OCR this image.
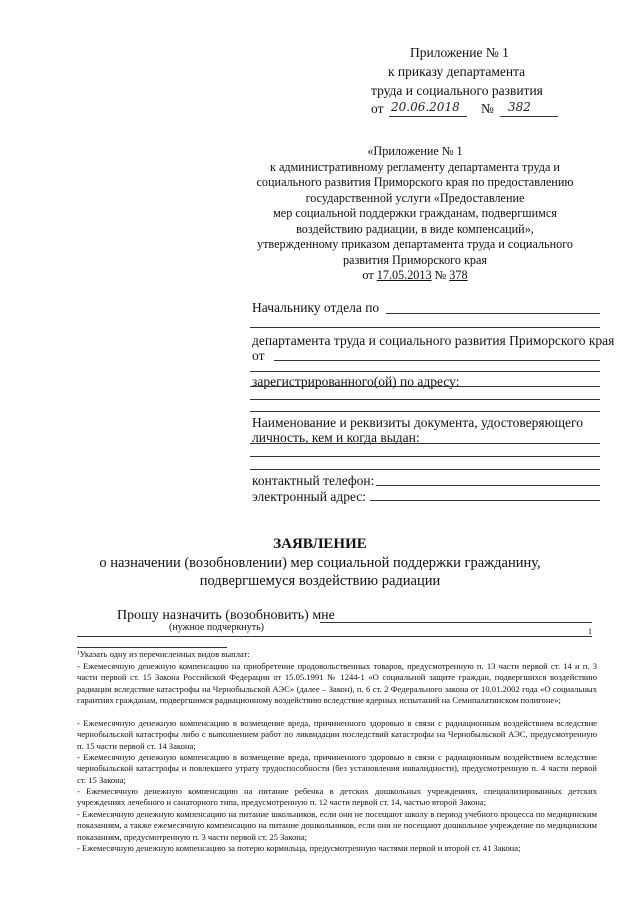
Приложение № 1
к приказу департамента
труда и социального развития
от 20.06.2018 № 382
«Приложение № 1
к административному регламенту департамента труда и
социального развития Приморского края по предоставлению
государственной услуги «Предоставление
мер социальной поддержки гражданам, подвергшимся
воздействию радиации, в виде компенсаций»,
утвержденному приказом департамента труда и социального
развития Приморского края
от 17.05.2013 № 378
Начальнику отдела по
департамента труда и социального развития Приморского края
от
зарегистрированного(ой) по адресу:
Наименование и реквизиты документа, удостоверяющего
личность, кем и когда выдан:
контактный телефон:
электронный адрес:
ЗАЯВЛЕНИЕ
о назначении (возобновлении) мер социальной поддержки гражданину,
подвергшемуся воздействию радиации
Прошу назначить (возобновить) мне
(нужное подчеркнуть)	1
¹Указать одну из перечисленных видов выплат:
- Ежемесячную денежную компенсацию на приобретение продовольственных товаров, предусмотренную п. 13 части первой ст. 14 и п. 3 части первой ст. 15 Закона Российской Федерации от 15.05.1991 № 1244-1 «О социальной защите граждан, подвергшихся воздействию радиации вследствие катастрофы на Чернобыльской АЭС» (далее – Закон), п. 6 ст. 2 Федерального закона от 10.01.2002 года «О социальных гарантиях гражданам, подвергшимся радиационному воздействию вследствие ядерных испытаний на Семипалатинском полигоне»;
- Ежемесячную денежную компенсацию в возмещение вреда, причиненного здоровью в связи с радиационным воздействием вследствие чернобыльской катастрофы либо с выполнением работ по ликвидации последствий катастрофы на Чернобыльской АЭС, предусмотренную п. 15 части первой ст. 14 Закона;
- Ежемесячную денежную компенсацию в возмещение вреда, причиненного здоровью в связи с радиационным воздействием вследствие чернобыльской катастрофы и повлекшего утрату трудоспособности (без установления инвалидности), предусмотренную п. 4 части первой ст. 15 Закона;
- Ежемесячную денежную компенсацию на питание ребенка в детских дошкольных учреждениях, специализированных детских учреждениях лечебного и санаторного типа, предусмотренную п. 12 части первой ст. 14, частью второй Закона;
- Ежемесячную денежную компенсацию на питание школьников, если они не посещают школу в период учебного процесса по медицинским показаниям, а также ежемесячную компенсацию на питание дошкольников, если они не посещают дошкольное учреждение по медицинским показаниям, предусмотренную п. 3 части первой ст. 25 Закона;
- Ежемесячную денежную компенсацию за потерю кормильца, предусмотренную частями первой и второй ст. 41 Закона;
